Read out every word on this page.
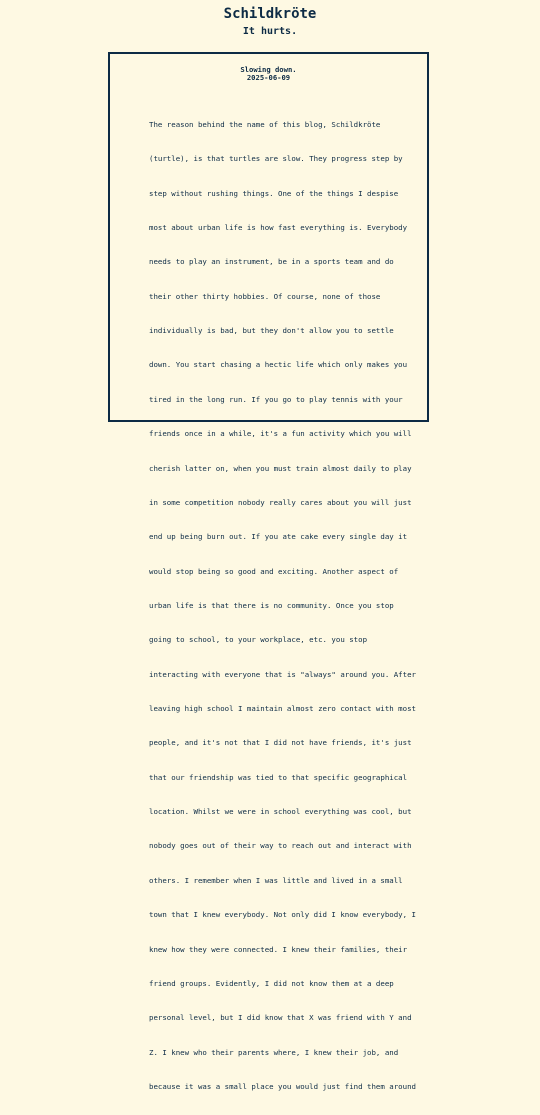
Schildkröte
It hurts.
Slowing down.
2025-06-09

The reason behind the name of this blog, Schildkröte

(turtle), is that turtles are slow. They progress step by

step without rushing things. One of the things I despise

most about urban life is how fast everything is. Everybody

needs to play an instrument, be in a sports team and do

their other thirty hobbies. Of course, none of those

individually is bad, but they don't allow you to settle

down. You start chasing a hectic life which only makes you

tired in the long run. If you go to play tennis with your

friends once in a while, it's a fun activity which you will

cherish latter on, when you must train almost daily to play

in some competition nobody really cares about you will just

end up being burn out. If you ate cake every single day it

would stop being so good and exciting. Another aspect of

urban life is that there is no community. Once you stop

going to school, to your workplace, etc. you stop

interacting with everyone that is "always" around you. After

leaving high school I maintain almost zero contact with most

people, and it's not that I did not have friends, it's just

that our friendship was tied to that specific geographical

location. Whilst we were in school everything was cool, but

nobody goes out of their way to reach out and interact with

others. I remember when I was little and lived in a small

town that I knew everybody. Not only did I know everybody, I

knew how they were connected. I knew their families, their

friend groups. Evidently, I did not know them at a deep

personal level, but I did know that X was friend with Y and

Z. I knew who their parents where, I knew their job, and

because it was a small place you would just find them around
